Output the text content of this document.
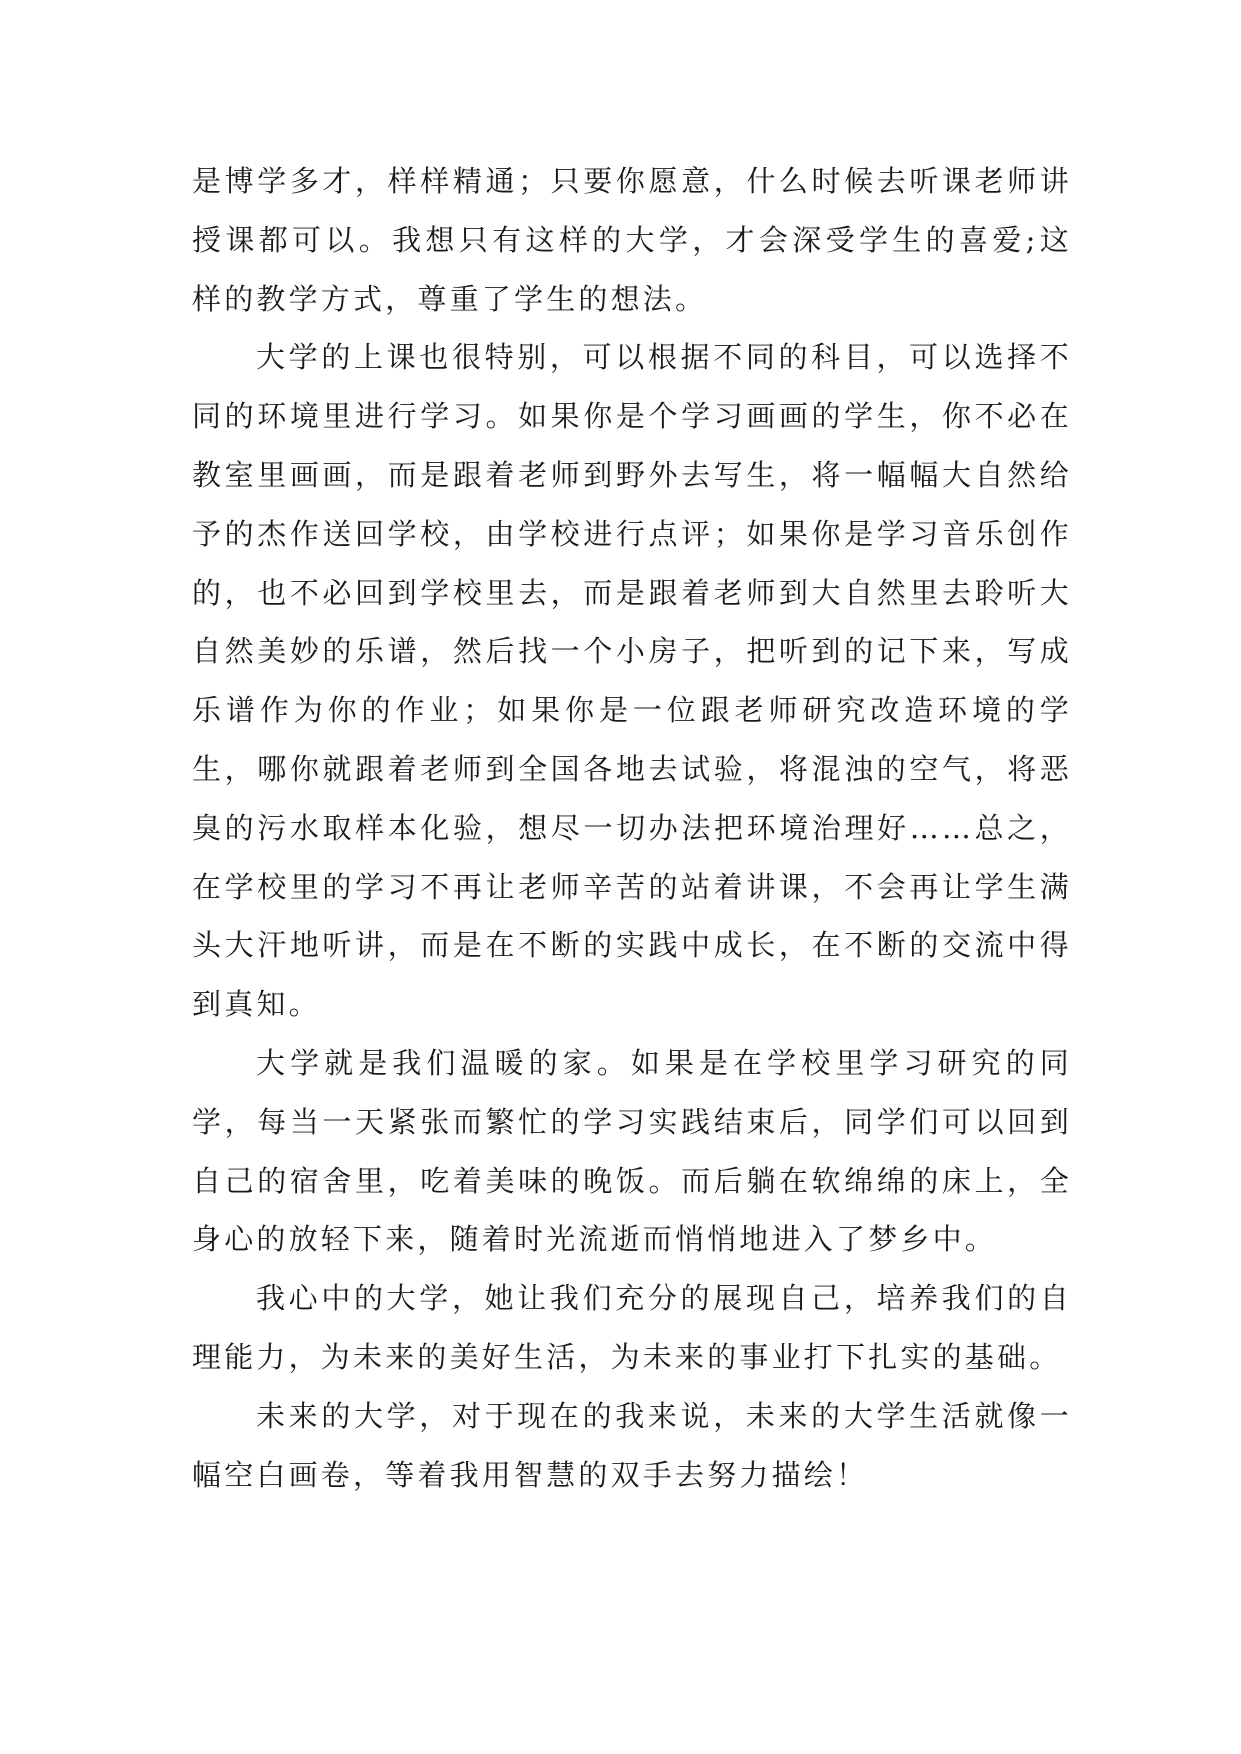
是博学多才，样样精通；只要你愿意，什么时候去听课老师讲授课都可以。我想只有这样的大学，才会深受学生的喜爱;这样的教学方式，尊重了学生的想法。

大学的上课也很特别，可以根据不同的科目，可以选择不同的环境里进行学习。如果你是个学习画画的学生，你不必在教室里画画，而是跟着老师到野外去写生，将一幅幅大自然给予的杰作送回学校，由学校进行点评；如果你是学习音乐创作的，也不必回到学校里去，而是跟着老师到大自然里去聆听大自然美妙的乐谱，然后找一个小房子，把听到的记下来，写成乐谱作为你的作业；如果你是一位跟老师研究改造环境的学生，哪你就跟着老师到全国各地去试验，将混浊的空气，将恶臭的污水取样本化验，想尽一切办法把环境治理好……总之，在学校里的学习不再让老师辛苦的站着讲课，不会再让学生满头大汗地听讲，而是在不断的实践中成长，在不断的交流中得到真知。

大学就是我们温暖的家。如果是在学校里学习研究的同学，每当一天紧张而繁忙的学习实践结束后，同学们可以回到自己的宿舍里，吃着美味的晚饭。而后躺在软绵绵的床上，全身心的放轻下来，随着时光流逝而悄悄地进入了梦乡中。

我心中的大学，她让我们充分的展现自己，培养我们的自理能力，为未来的美好生活，为未来的事业打下扎实的基础。

未来的大学，对于现在的我来说，未来的大学生活就像一幅空白画卷，等着我用智慧的双手去努力描绘！
